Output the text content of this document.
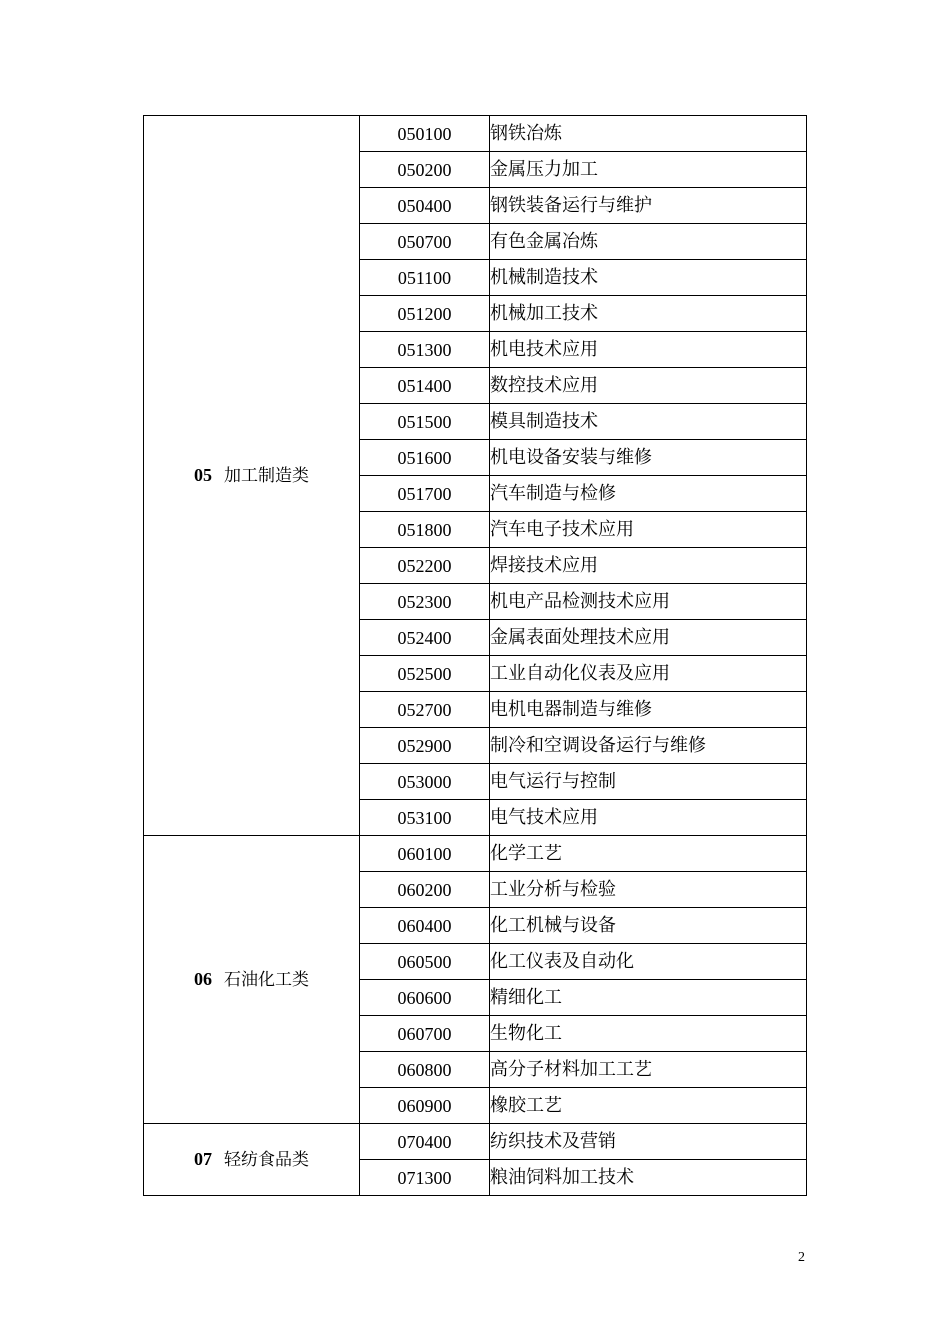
05 加工制造类	050100	钢铁冶炼
	050200	金属压力加工
	050400	钢铁装备运行与维护
	050700	有色金属冶炼
	051100	机械制造技术
	051200	机械加工技术
	051300	机电技术应用
	051400	数控技术应用
	051500	模具制造技术
	051600	机电设备安装与维修
	051700	汽车制造与检修
	051800	汽车电子技术应用
	052200	焊接技术应用
	052300	机电产品检测技术应用
	052400	金属表面处理技术应用
	052500	工业自动化仪表及应用
	052700	电机电器制造与维修
	052900	制冷和空调设备运行与维修
	053000	电气运行与控制
	053100	电气技术应用
06 石油化工类	060100	化学工艺
	060200	工业分析与检验
	060400	化工机械与设备
	060500	化工仪表及自动化
	060600	精细化工
	060700	生物化工
	060800	高分子材料加工工艺
	060900	橡胶工艺
07 轻纺食品类	070400	纺织技术及营销
	071300	粮油饲料加工技术
2
